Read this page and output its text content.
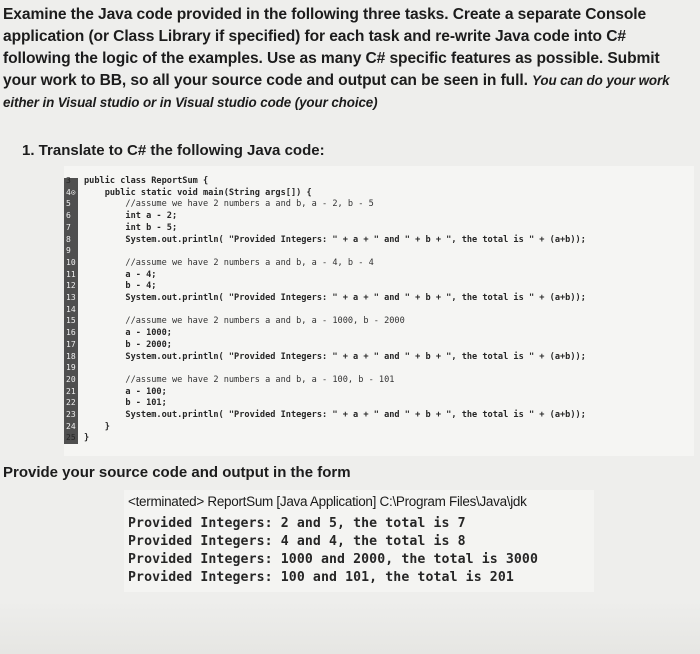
Examine the Java code provided in the following three tasks. Create a separate Console application (or Class Library if specified) for each task and re-write Java code into C# following the logic of the examples. Use as many C# specific features as possible. Submit your work to BB, so all your source code and output can be seen in full. You can do your work either in Visual studio or in Visual studio code (your choice)
1. Translate to C# the following Java code:
3	public class ReportSum {
4⊙ public static void main(String args[]) {
5	//assume we have 2 numbers a and b, a - 2, b - 5
6	int a - 2;
7	int b - 5;
8	System.out.println( "Provided Integers: " + a + " and " + b + ", the total is " + (a+b));
9
10 //assume we have 2 numbers a and b, a - 4, b - 4
11 a - 4;
12 b - 4;
13 System.out.println( "Provided Integers: " + a + " and " + b + ", the total is " + (a+b));
14
15 //assume we have 2 numbers a and b, a - 1000, b - 2000
16 a - 1000;
17 b - 2000;
18 System.out.println( "Provided Integers: " + a + " and " + b + ", the total is " + (a+b));
19
20 //assume we have 2 numbers a and b, a - 100, b - 101
21 a - 100;
22 b - 101;
23 System.out.println( "Provided Integers: " + a + " and " + b + ", the total is " + (a+b));
24 }
25 }
Provide your source code and output in the form
<terminated> ReportSum [Java Application] C:\Program Files\Java\jdk
Provided Integers: 2 and 5, the total is 7
Provided Integers: 4 and 4, the total is 8
Provided Integers: 1000 and 2000, the total is 3000
Provided Integers: 100 and 101, the total is 201
